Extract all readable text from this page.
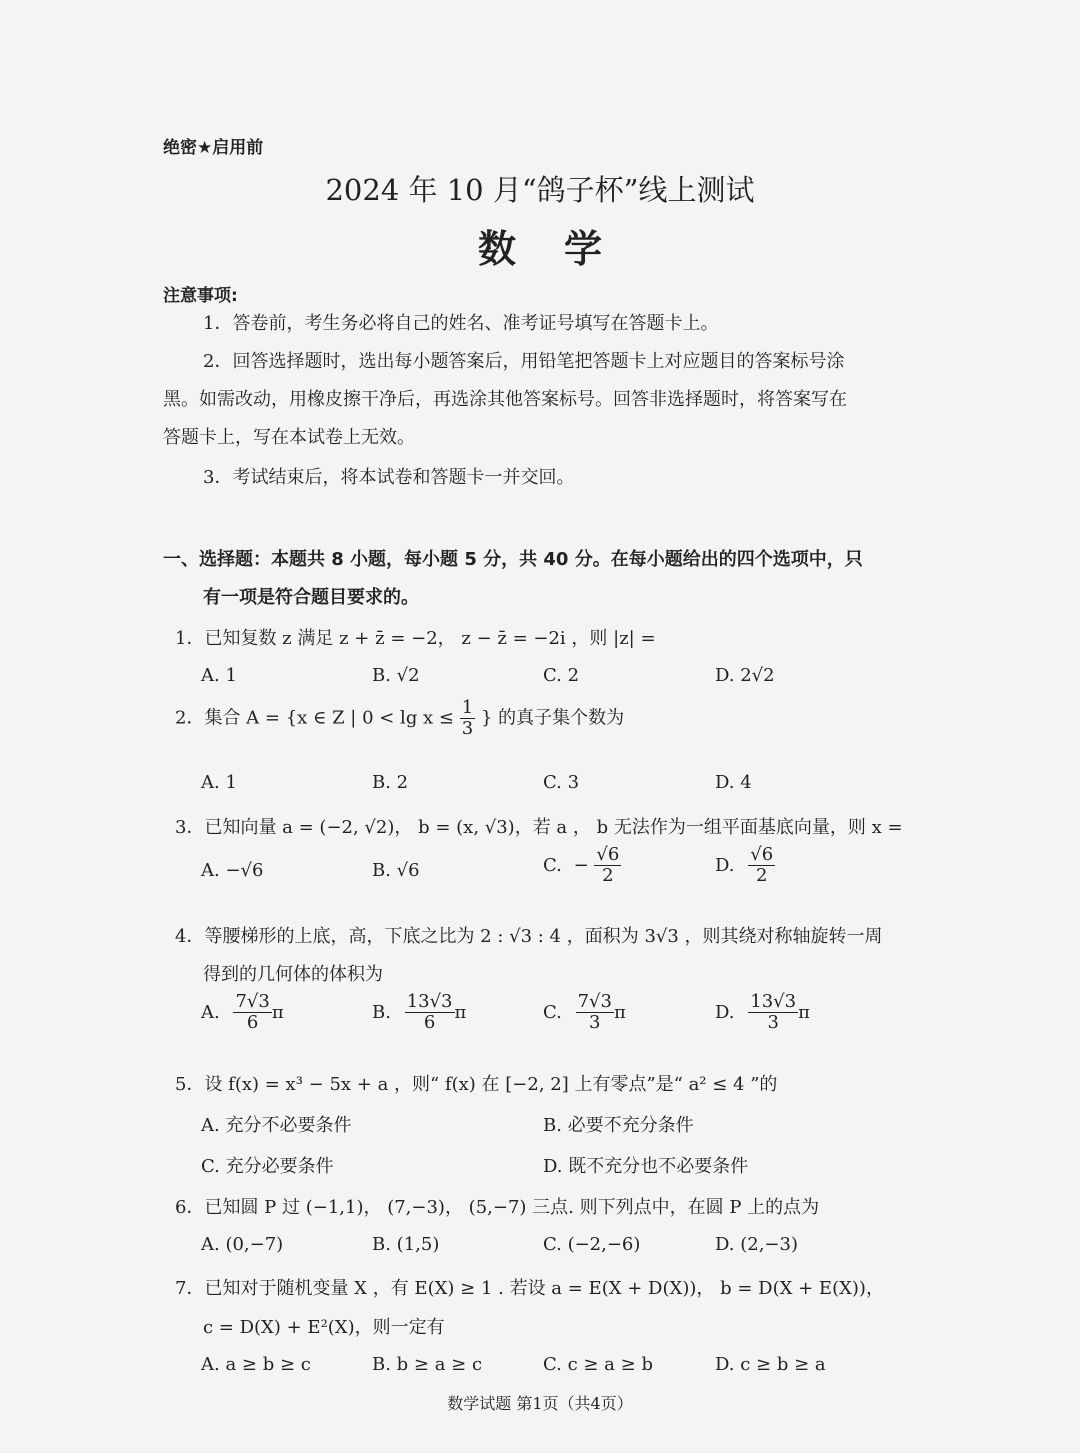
绝密★启用前
2024 年 10 月“鸽子杯”线上测试
数学
注意事项:
1．答卷前，考生务必将自己的姓名、准考证号填写在答题卡上。
2．回答选择题时，选出每小题答案后，用铅笔把答题卡上对应题目的答案标号涂
黑。如需改动，用橡皮擦干净后，再选涂其他答案标号。回答非选择题时，将答案写在
答题卡上，写在本试卷上无效。
3．考试结束后，将本试卷和答题卡一并交回。
一、选择题：本题共 8 小题，每小题 5 分，共 40 分。在每小题给出的四个选项中，只
有一项是符合题目要求的。
1．已知复数 z 满足 z + z̄ = −2， z − z̄ = −2i ，则 |z| =
A. 1	B. √2	C. 2	D. 2√2
2．集合 A = {x ∈ Z | $0 < \lg x \le \frac{1}{3}$ } 的真子集个数为
A. 1	B. 2	C. 3	D. 4
3．已知向量 a = (−2, √2)， b = (x, √3)，若 a ， b 无法作为一组平面基底向量，则 x =
A. −√6	B. √6	C. − $\frac{√6}{2}$	D. $\frac{√6}{2}$
4．等腰梯形的上底，高，下底之比为 2 : √3 : 4 ，面积为 3√3 ，则其绕对称轴旋转一周
得到的几何体的体积为
A. $\frac{7√3}{6}$ π	B. $\frac{13√3}{6}$ π	C. $\frac{7√3}{3}$ π	D. $\frac{13√3}{3}$ π
5．设 f(x) = x³ − 5x + a ，则“ f(x) 在 [−2, 2] 上有零点”是“ a² ≤ 4 ”的
A. 充分不必要条件	B. 必要不充分条件
C. 充分必要条件	D. 既不充分也不必要条件
6．已知圆 P 过 (−1,1)， (7,−3)， (5,−7) 三点. 则下列点中，在圆 P 上的点为
A. (0,−7)	B. (1,5)	C. (−2,−6)	D. (2,−3)
7．已知对于随机变量 X ，有 E(X) ≥ 1 . 若设 a = E(X + D(X))， b = D(X + E(X))，
c = D(X) + E²(X)，则一定有
A. a ≥ b ≥ c	B. b ≥ a ≥ c	C. c ≥ a ≥ b	D. c ≥ b ≥ a
数学试题 第1页（共4页）
